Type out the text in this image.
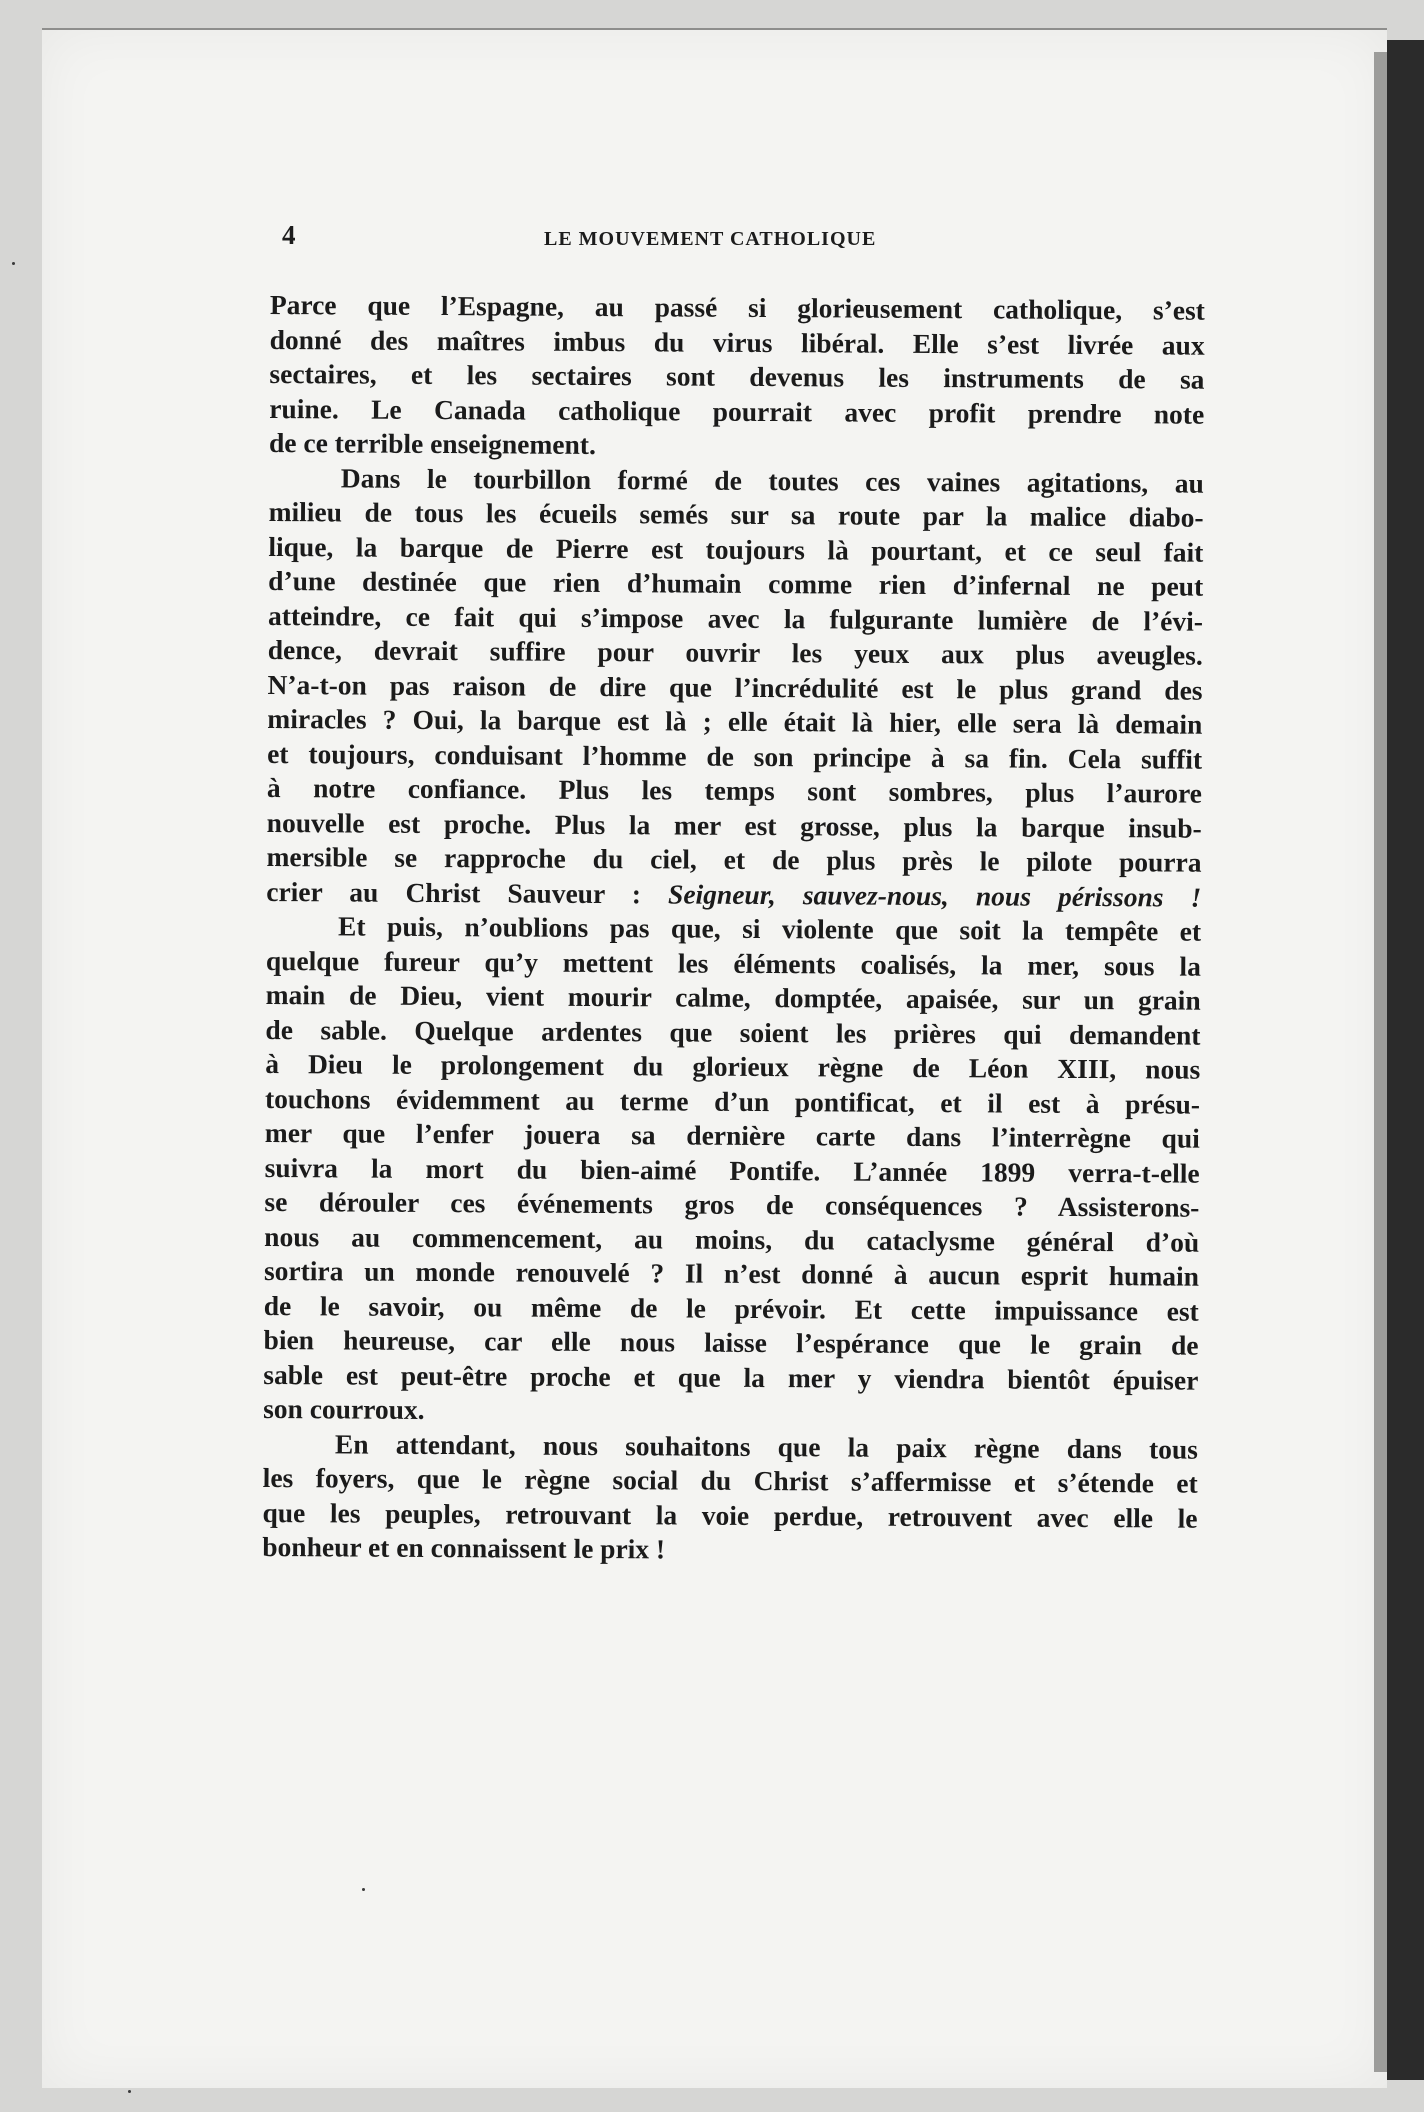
4	LE MOUVEMENT CATHOLIQUE
Parce que l’Espagne, au passé si glorieusement catholique, s’est
donné des maîtres imbus du virus libéral. Elle s’est livrée aux
sectaires, et les sectaires sont devenus les instruments de sa
ruine. Le Canada catholique pourrait avec profit prendre note
de ce terrible enseignement.
Dans le tourbillon formé de toutes ces vaines agitations, au
milieu de tous les écueils semés sur sa route par la malice diabo-
lique, la barque de Pierre est toujours là pourtant, et ce seul fait
d’une destinée que rien d’humain comme rien d’infernal ne peut
atteindre, ce fait qui s’impose avec la fulgurante lumière de l’évi-
dence, devrait suffire pour ouvrir les yeux aux plus aveugles.
N’a-t-on pas raison de dire que l’incrédulité est le plus grand des
miracles ? Oui, la barque est là ; elle était là hier, elle sera là demain
et toujours, conduisant l’homme de son principe à sa fin. Cela suffit
à notre confiance. Plus les temps sont sombres, plus l’aurore
nouvelle est proche. Plus la mer est grosse, plus la barque insub-
mersible se rapproche du ciel, et de plus près le pilote pourra
crier au Christ Sauveur : Seigneur, sauvez-nous, nous périssons !
Et puis, n’oublions pas que, si violente que soit la tempête et
quelque fureur qu’y mettent les éléments coalisés, la mer, sous la
main de Dieu, vient mourir calme, domptée, apaisée, sur un grain
de sable. Quelque ardentes que soient les prières qui demandent
à Dieu le prolongement du glorieux règne de Léon XIII, nous
touchons évidemment au terme d’un pontificat, et il est à présu-
mer que l’enfer jouera sa dernière carte dans l’interrègne qui
suivra la mort du bien-aimé Pontife. L’année 1899 verra-t-elle
se dérouler ces événements gros de conséquences ? Assisterons-
nous au commencement, au moins, du cataclysme général d’où
sortira un monde renouvelé ? Il n’est donné à aucun esprit humain
de le savoir, ou même de le prévoir. Et cette impuissance est
bien heureuse, car elle nous laisse l’espérance que le grain de
sable est peut-être proche et que la mer y viendra bientôt épuiser
son courroux.
En attendant, nous souhaitons que la paix règne dans tous
les foyers, que le règne social du Christ s’affermisse et s’étende et
que les peuples, retrouvant la voie perdue, retrouvent avec elle le
bonheur et en connaissent le prix !
